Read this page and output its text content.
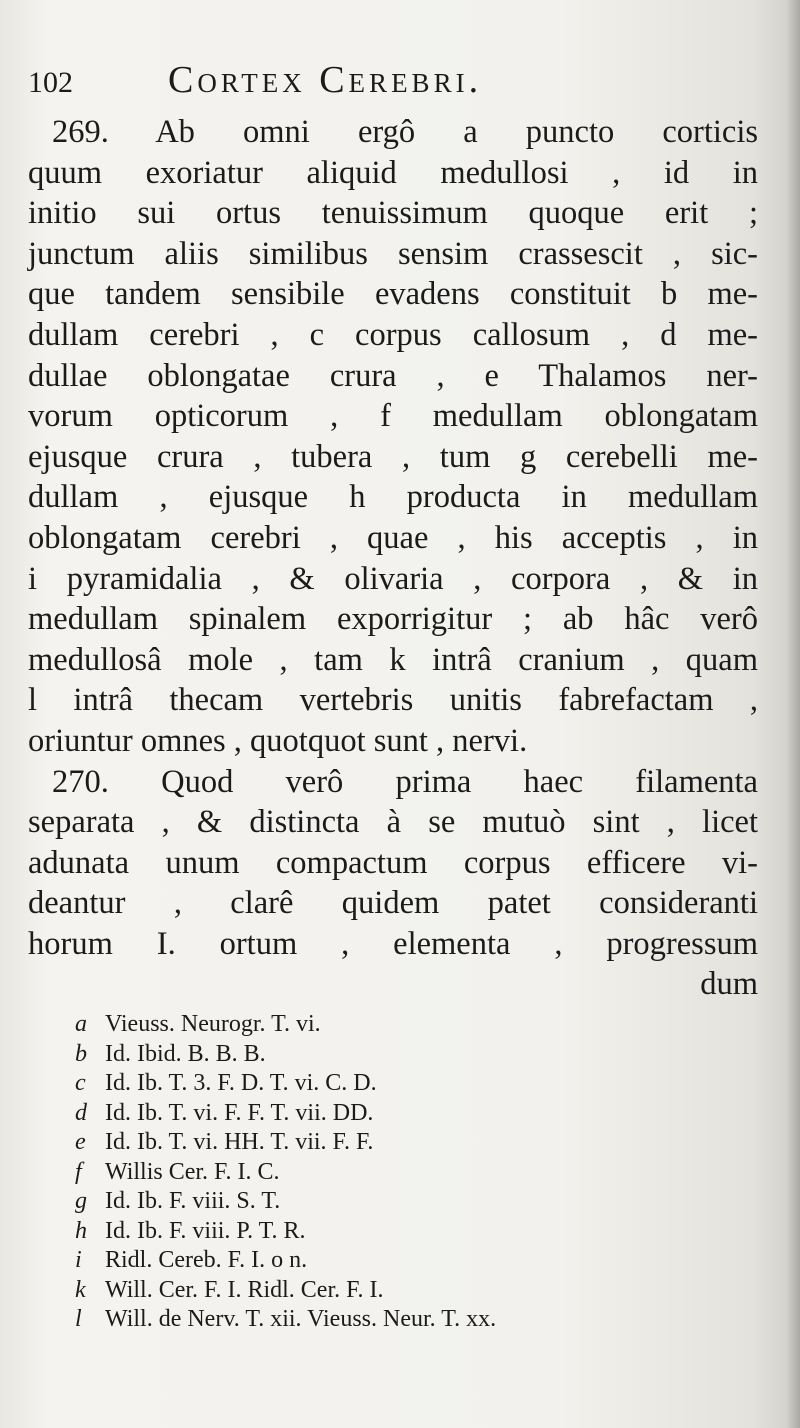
102	Cortex Cerebri.
269. Ab omni ergô a puncto corticis
quum exoriatur aliquid medullosi , id in
initio sui ortus tenuissimum quoque erit ;
junctum aliis similibus sensim crassescit , sic-
que tandem sensibile evadens constituit b me-
dullam cerebri , c corpus callosum , d me-
dullae oblongatae crura , e Thalamos ner-
vorum opticorum , f medullam oblongatam
ejusque crura , tubera , tum g cerebelli me-
dullam , ejusque h producta in medullam
oblongatam cerebri , quae , his acceptis , in
i pyramidalia , & olivaria , corpora , & in
medullam spinalem exporrigitur ; ab hâc verô
medullosâ mole , tam k intrâ cranium , quam
l intrâ thecam vertebris unitis fabrefactam ,
oriuntur omnes , quotquot sunt , nervi.
270. Quod verô prima haec filamenta
separata , & distincta à se mutuò sint , licet
adunata unum compactum corpus efficere vi-
deantur , clarê quidem patet consideranti
horum I. ortum , elementa , progressum
dum
a Vieuss. Neurogr. T. vi.
b Id. Ibid. B. B. B.
c Id. Ib. T. 3. F. D. T. vi. C. D.
d Id. Ib. T. vi. F. F. T. vii. DD.
e Id. Ib. T. vi. HH. T. vii. F. F.
f Willis Cer. F. I. C.
g Id. Ib. F. viii. S. T.
h Id. Ib. F. viii. P. T. R.
i Ridl. Cereb. F. I. o n.
k Will. Cer. F. I. Ridl. Cer. F. I.
l Will. de Nerv. T. xii. Vieuss. Neur. T. xx.
